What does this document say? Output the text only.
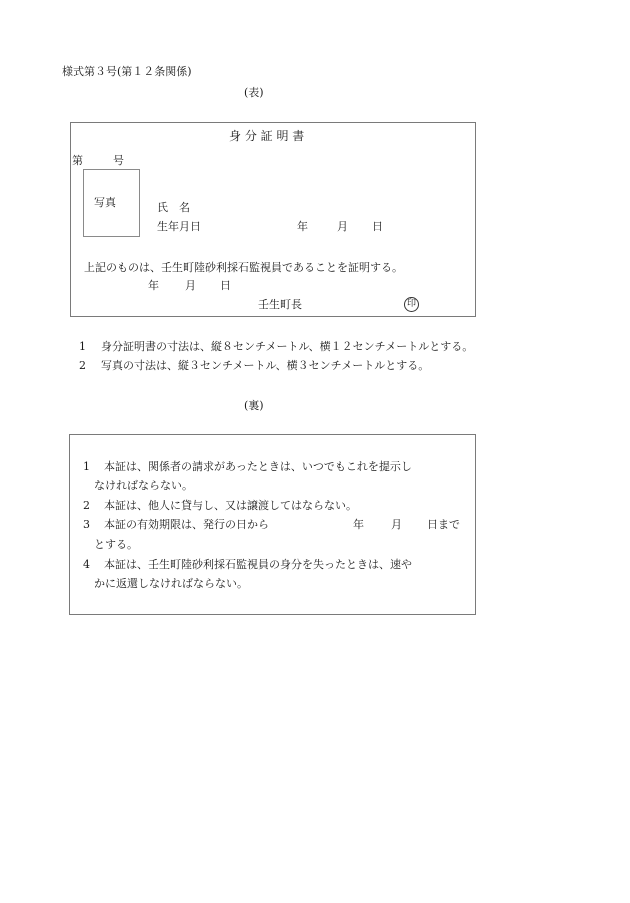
様式第３号(第１２条関係)
(表)
身 分 証 明 書
第	号
写真	氏　名
生年月日	年	月 日
上記のものは、壬生町陸砂利採石監視員であることを証明する。
年 月 日
壬生町長	印
1 身分証明書の寸法は、縦８センチメートル、横１２センチメートルとする。
2 写真の寸法は、縦３センチメートル、横３センチメートルとする。
(裏)
1 本証は、関係者の請求があったときは、いつでもこれを提示し
なければならない。
2 本証は、他人に貸与し、又は譲渡してはならない。
3 本証の有効期限は、発行の日から	年 月 日まで
とする。
4 本証は、壬生町陸砂利採石監視員の身分を失ったときは、速や
かに返還しなければならない。
